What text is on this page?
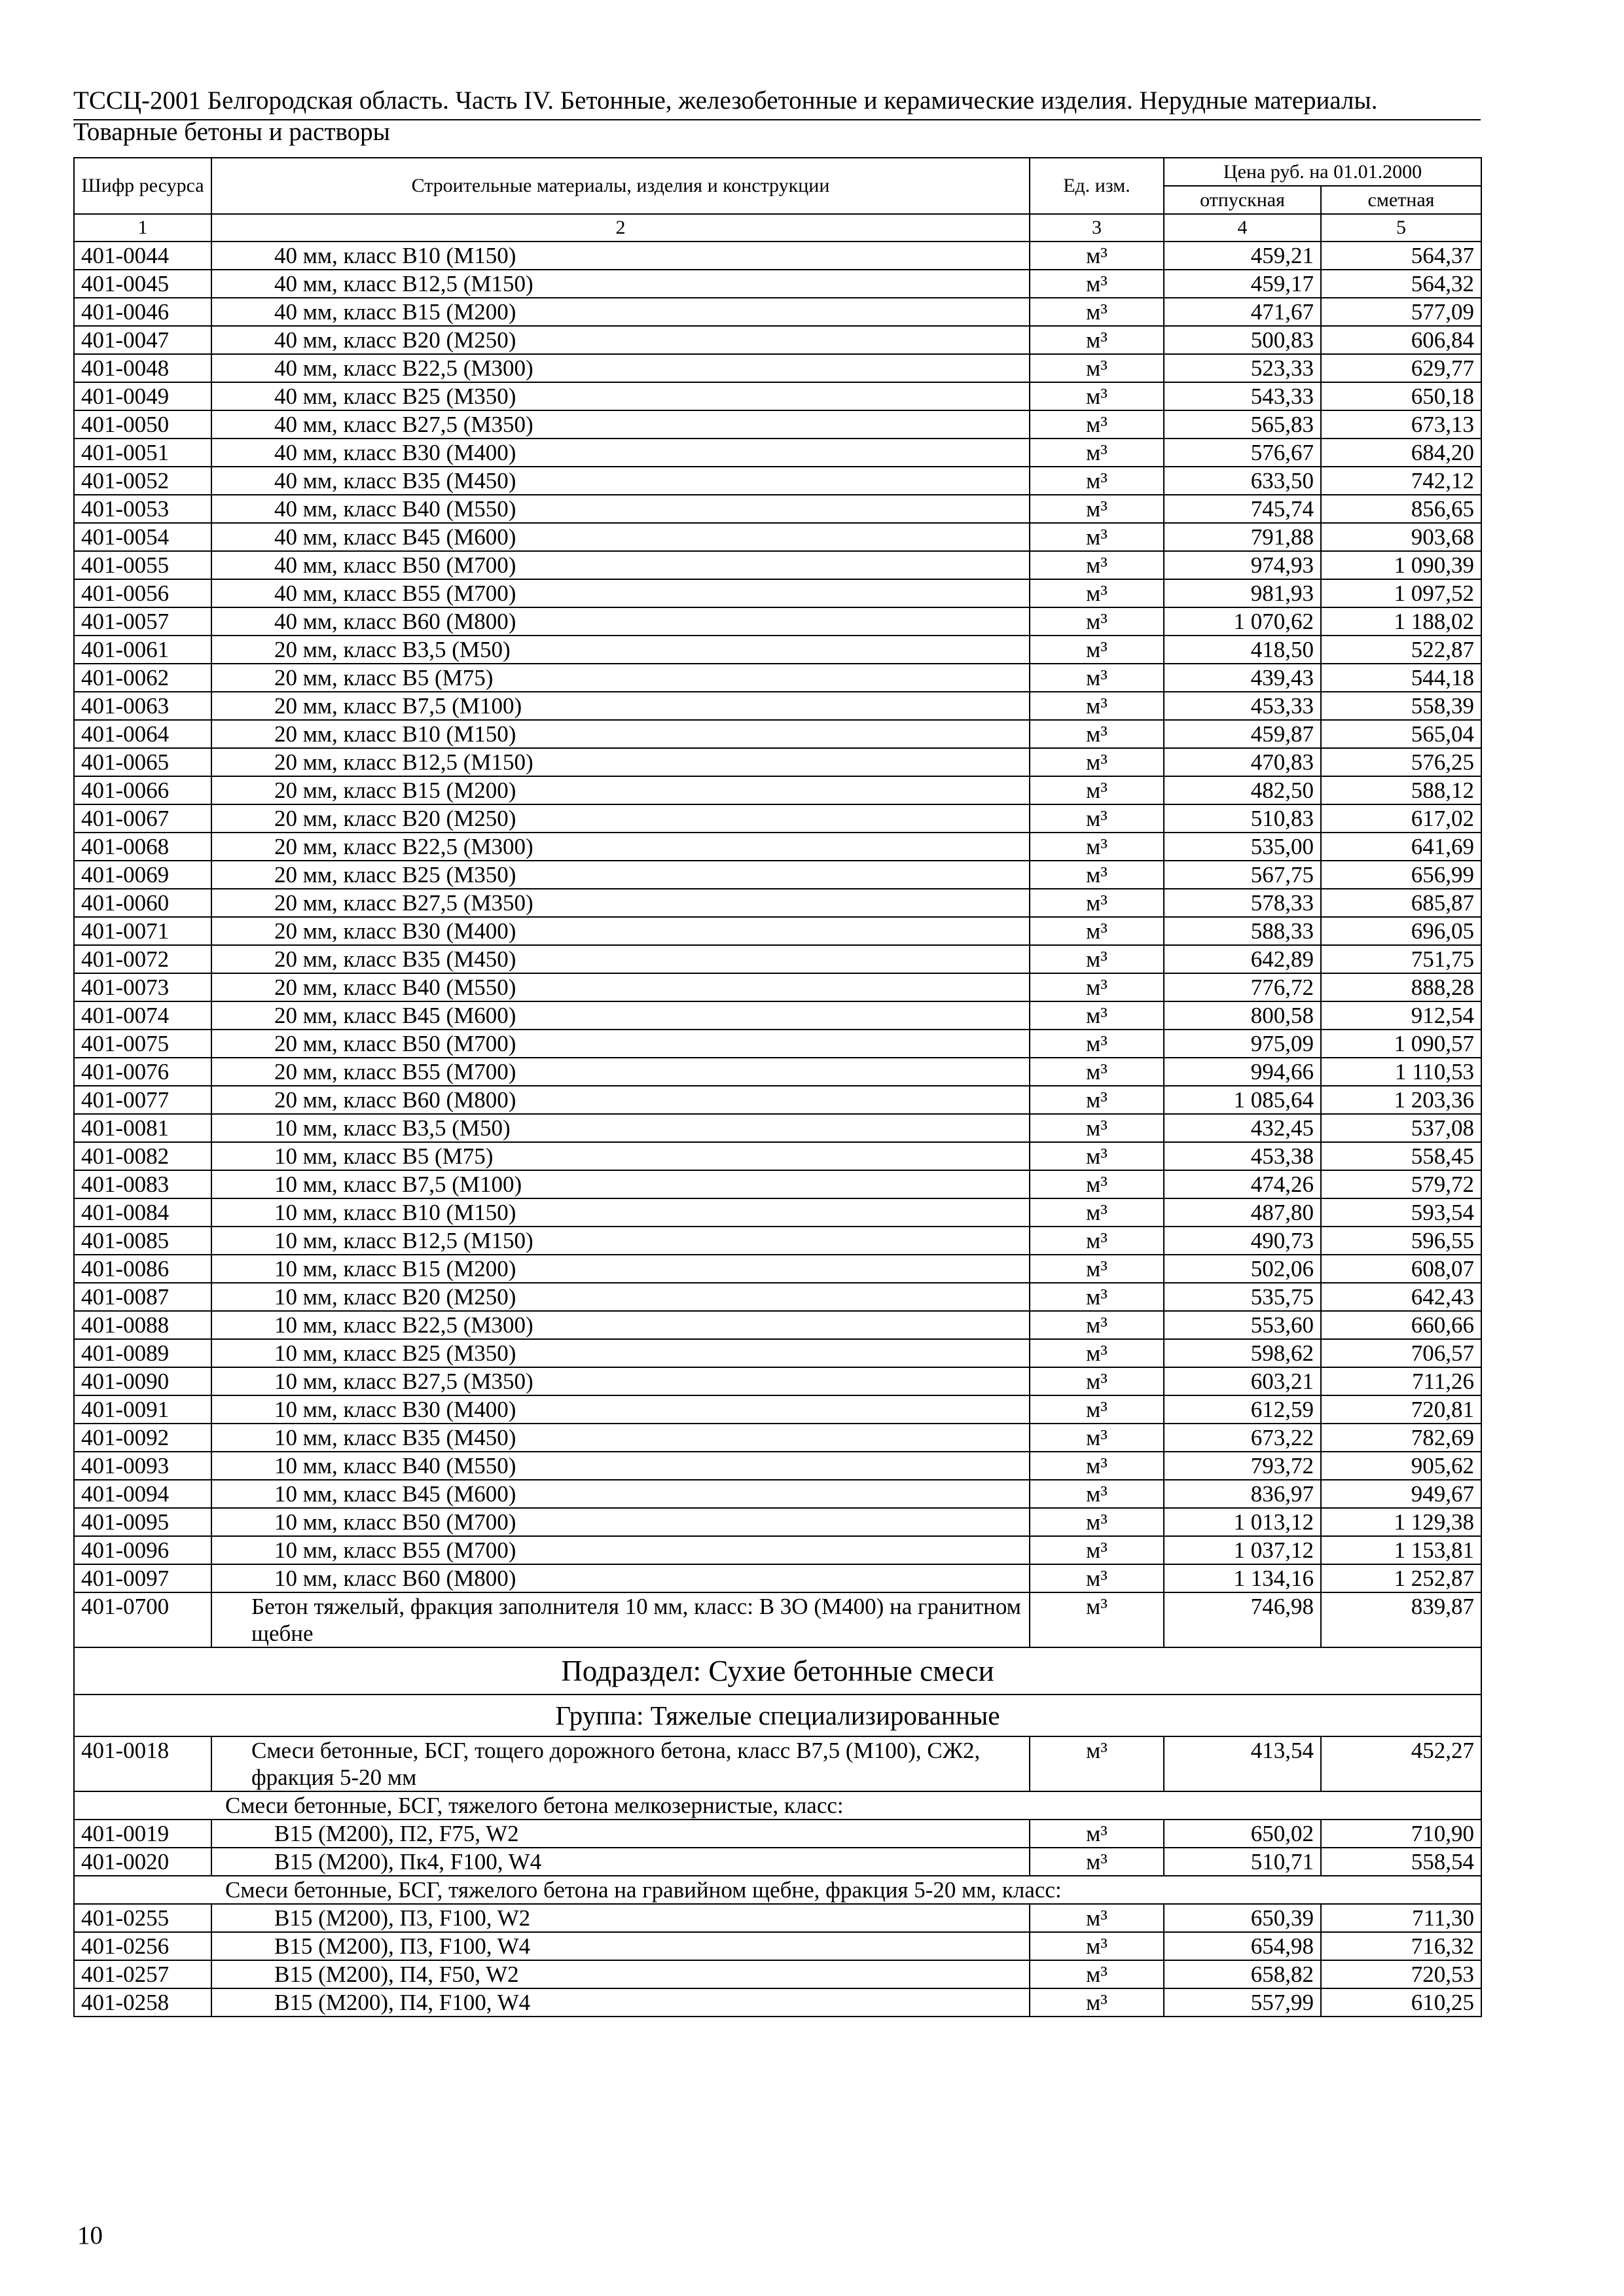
ТССЦ-2001 Белгородская область. Часть IV. Бетонные, железобетонные и керамические изделия. Нерудные материалы. Товарные бетоны и растворы
Шифр ресурса	Строительные материалы, изделия и конструкции	Ед. изм.	Цена руб. на 01.01.2000	
			отпускная	сметная
1	2	3	4	5
401-0044	40 мм, класс В10 (М150)	м³	459,21	564,37
401-0045	40 мм, класс В12,5 (М150)	м³	459,17	564,32
401-0046	40 мм, класс В15 (М200)	м³	471,67	577,09
401-0047	40 мм, класс В20 (М250)	м³	500,83	606,84
401-0048	40 мм, класс В22,5 (М300)	м³	523,33	629,77
401-0049	40 мм, класс В25 (М350)	м³	543,33	650,18
401-0050	40 мм, класс В27,5 (М350)	м³	565,83	673,13
401-0051	40 мм, класс В30 (М400)	м³	576,67	684,20
401-0052	40 мм, класс В35 (М450)	м³	633,50	742,12
401-0053	40 мм, класс В40 (М550)	м³	745,74	856,65
401-0054	40 мм, класс В45 (М600)	м³	791,88	903,68
401-0055	40 мм, класс В50 (М700)	м³	974,93	1 090,39
401-0056	40 мм, класс В55 (М700)	м³	981,93	1 097,52
401-0057	40 мм, класс В60 (М800)	м³	1 070,62	1 188,02
401-0061	20 мм, класс В3,5 (М50)	м³	418,50	522,87
401-0062	20 мм, класс В5 (М75)	м³	439,43	544,18
401-0063	20 мм, класс В7,5 (М100)	м³	453,33	558,39
401-0064	20 мм, класс В10 (М150)	м³	459,87	565,04
401-0065	20 мм, класс В12,5 (М150)	м³	470,83	576,25
401-0066	20 мм, класс В15 (М200)	м³	482,50	588,12
401-0067	20 мм, класс В20 (М250)	м³	510,83	617,02
401-0068	20 мм, класс В22,5 (М300)	м³	535,00	641,69
401-0069	20 мм, класс В25 (М350)	м³	567,75	656,99
401-0060	20 мм, класс В27,5 (М350)	м³	578,33	685,87
401-0071	20 мм, класс В30 (М400)	м³	588,33	696,05
401-0072	20 мм, класс В35 (М450)	м³	642,89	751,75
401-0073	20 мм, класс В40 (М550)	м³	776,72	888,28
401-0074	20 мм, класс В45 (М600)	м³	800,58	912,54
401-0075	20 мм, класс В50 (М700)	м³	975,09	1 090,57
401-0076	20 мм, класс В55 (М700)	м³	994,66	1 110,53
401-0077	20 мм, класс В60 (М800)	м³	1 085,64	1 203,36
401-0081	10 мм, класс В3,5 (М50)	м³	432,45	537,08
401-0082	10 мм, класс В5 (М75)	м³	453,38	558,45
401-0083	10 мм, класс В7,5 (М100)	м³	474,26	579,72
401-0084	10 мм, класс В10 (М150)	м³	487,80	593,54
401-0085	10 мм, класс В12,5 (М150)	м³	490,73	596,55
401-0086	10 мм, класс В15 (М200)	м³	502,06	608,07
401-0087	10 мм, класс В20 (М250)	м³	535,75	642,43
401-0088	10 мм, класс В22,5 (М300)	м³	553,60	660,66
401-0089	10 мм, класс В25 (М350)	м³	598,62	706,57
401-0090	10 мм, класс В27,5 (М350)	м³	603,21	711,26
401-0091	10 мм, класс В30 (М400)	м³	612,59	720,81
401-0092	10 мм, класс В35 (М450)	м³	673,22	782,69
401-0093	10 мм, класс В40 (М550)	м³	793,72	905,62
401-0094	10 мм, класс В45 (М600)	м³	836,97	949,67
401-0095	10 мм, класс В50 (М700)	м³	1 013,12	1 129,38
401-0096	10 мм, класс В55 (М700)	м³	1 037,12	1 153,81
401-0097	10 мм, класс В60 (М800)	м³	1 134,16	1 252,87
401-0700	Бетон тяжелый, фракция заполнителя 10 мм, класс: В 3О (М400) на гранитном щебне	м³	746,98	839,87
Подраздел: Сухие бетонные смеси				
Группа: Тяжелые специализированные				
401-0018	Смеси бетонные, БСГ, тощего дорожного бетона, класс В7,5 (М100), СЖ2, фракция 5-20 мм	м³	413,54	452,27
Смеси бетонные, БСГ, тяжелого бетона мелкозернистые, класс:				
401-0019	В15 (М200), П2, F75, W2	м³	650,02	710,90
401-0020	В15 (М200), Пк4, F100, W4	м³	510,71	558,54
Смеси бетонные, БСГ, тяжелого бетона на гравийном щебне, фракция 5-20 мм, класс:				
401-0255	В15 (М200), П3, F100, W2	м³	650,39	711,30
401-0256	В15 (М200), П3, F100, W4	м³	654,98	716,32
401-0257	В15 (М200), П4, F50, W2	м³	658,82	720,53
401-0258	В15 (М200), П4, F100, W4	м³	557,99	610,25
10
